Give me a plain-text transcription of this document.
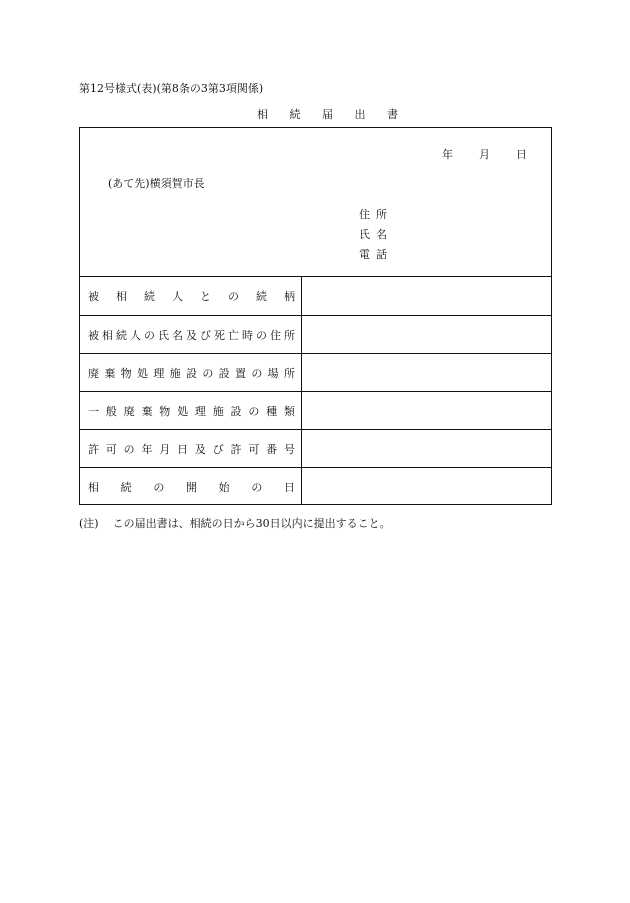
第12号様式(表)(第8条の3第3項関係)
相 続 届 出 書
年 月 日
(あて先)横須賀市長
住所
氏名
電話
被相続人との続柄
被相続人の氏名及び死亡時の住所
廃棄物処理施設の設置の場所
一般廃棄物処理施設の種類
許可の年月日及び許可番号
相続の開始の日
(注) この届出書は、相続の日から30日以内に提出すること。
